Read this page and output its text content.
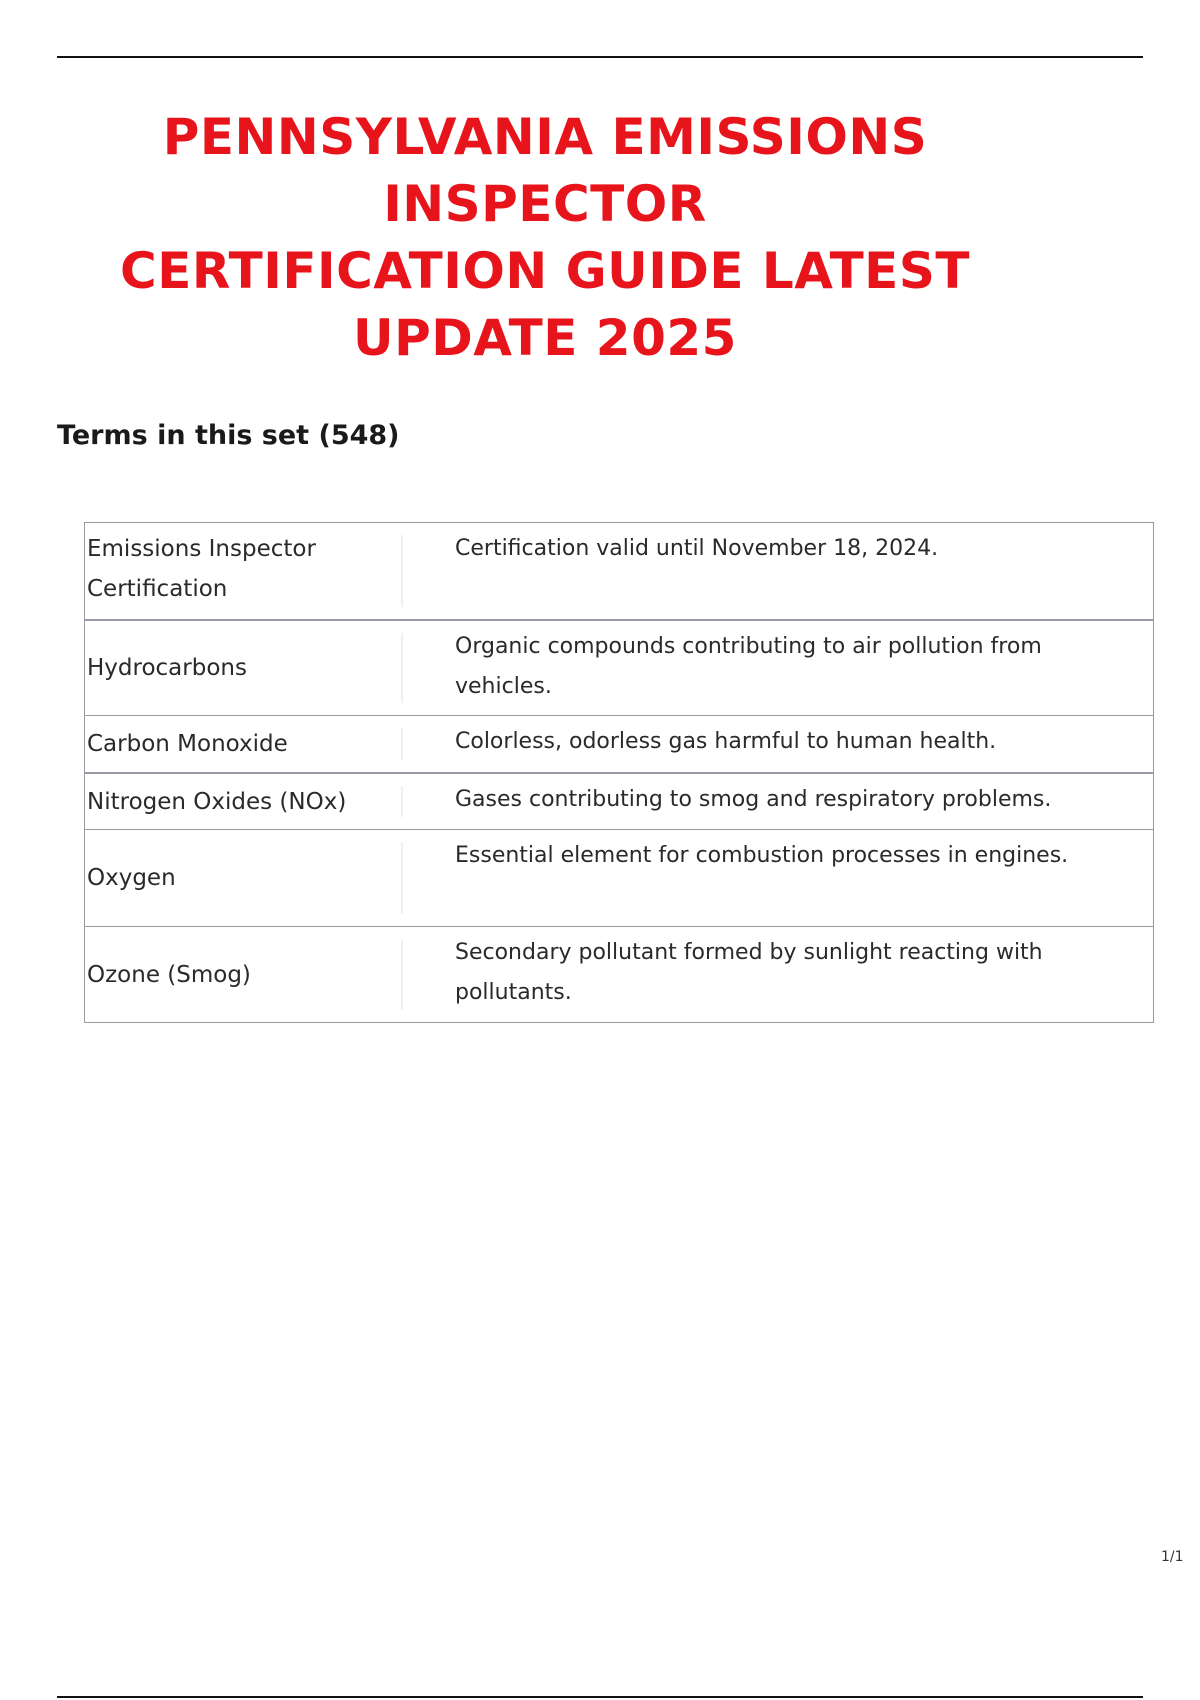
PENNSYLVANIA EMISSIONS INSPECTOR
CERTIFICATION GUIDE LATEST
UPDATE 2025
Terms in this set (548)
Emissions Inspector Certification
Certification valid until November 18, 2024.
Hydrocarbons
Organic compounds contributing to air pollution from vehicles.
Carbon Monoxide	Colorless, odorless gas harmful to human health.
Nitrogen Oxides (NOx)	Gases contributing to smog and respiratory problems.
Oxygen
Essential element for combustion processes in engines.
Ozone (Smog)
Secondary pollutant formed by sunlight reacting with pollutants.
1/1
